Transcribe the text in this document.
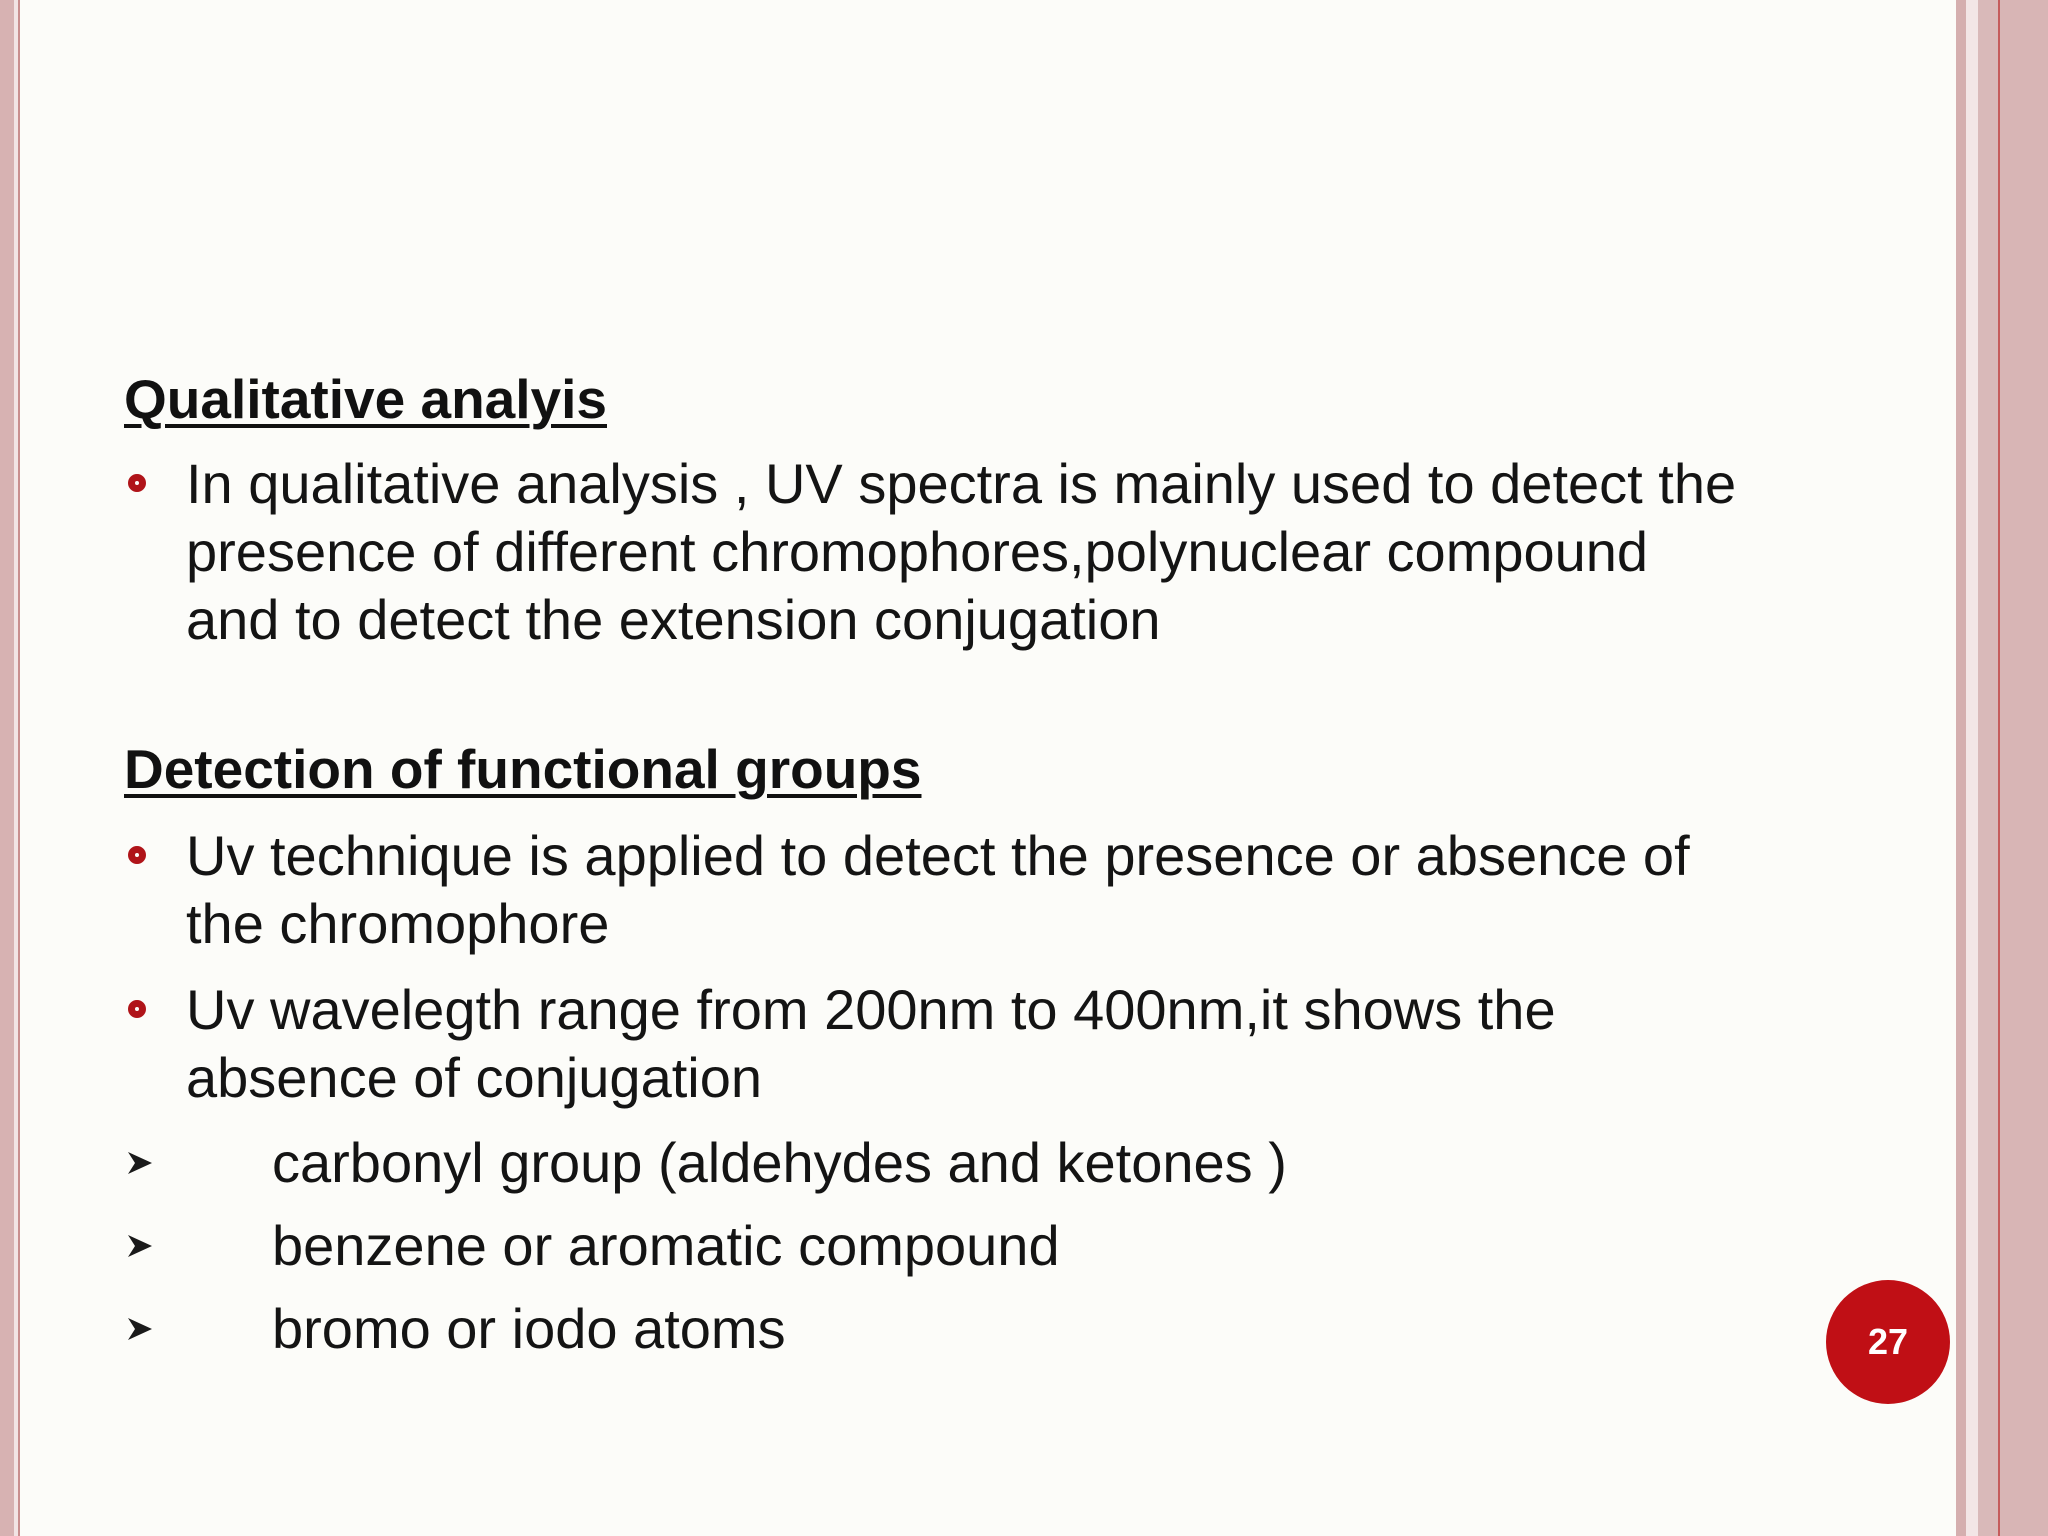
Qualitative analyis
In qualitative analysis , UV spectra is mainly used to detect the presence of different chromophores,polynuclear compound and to detect the extension conjugation
Detection of functional groups
Uv technique is applied to detect the presence or absence of the chromophore
Uv wavelegth range from 200nm to 400nm,it shows the absence of conjugation
carbonyl group (aldehydes and ketones )
benzene or aromatic compound
bromo or iodo atoms	27
